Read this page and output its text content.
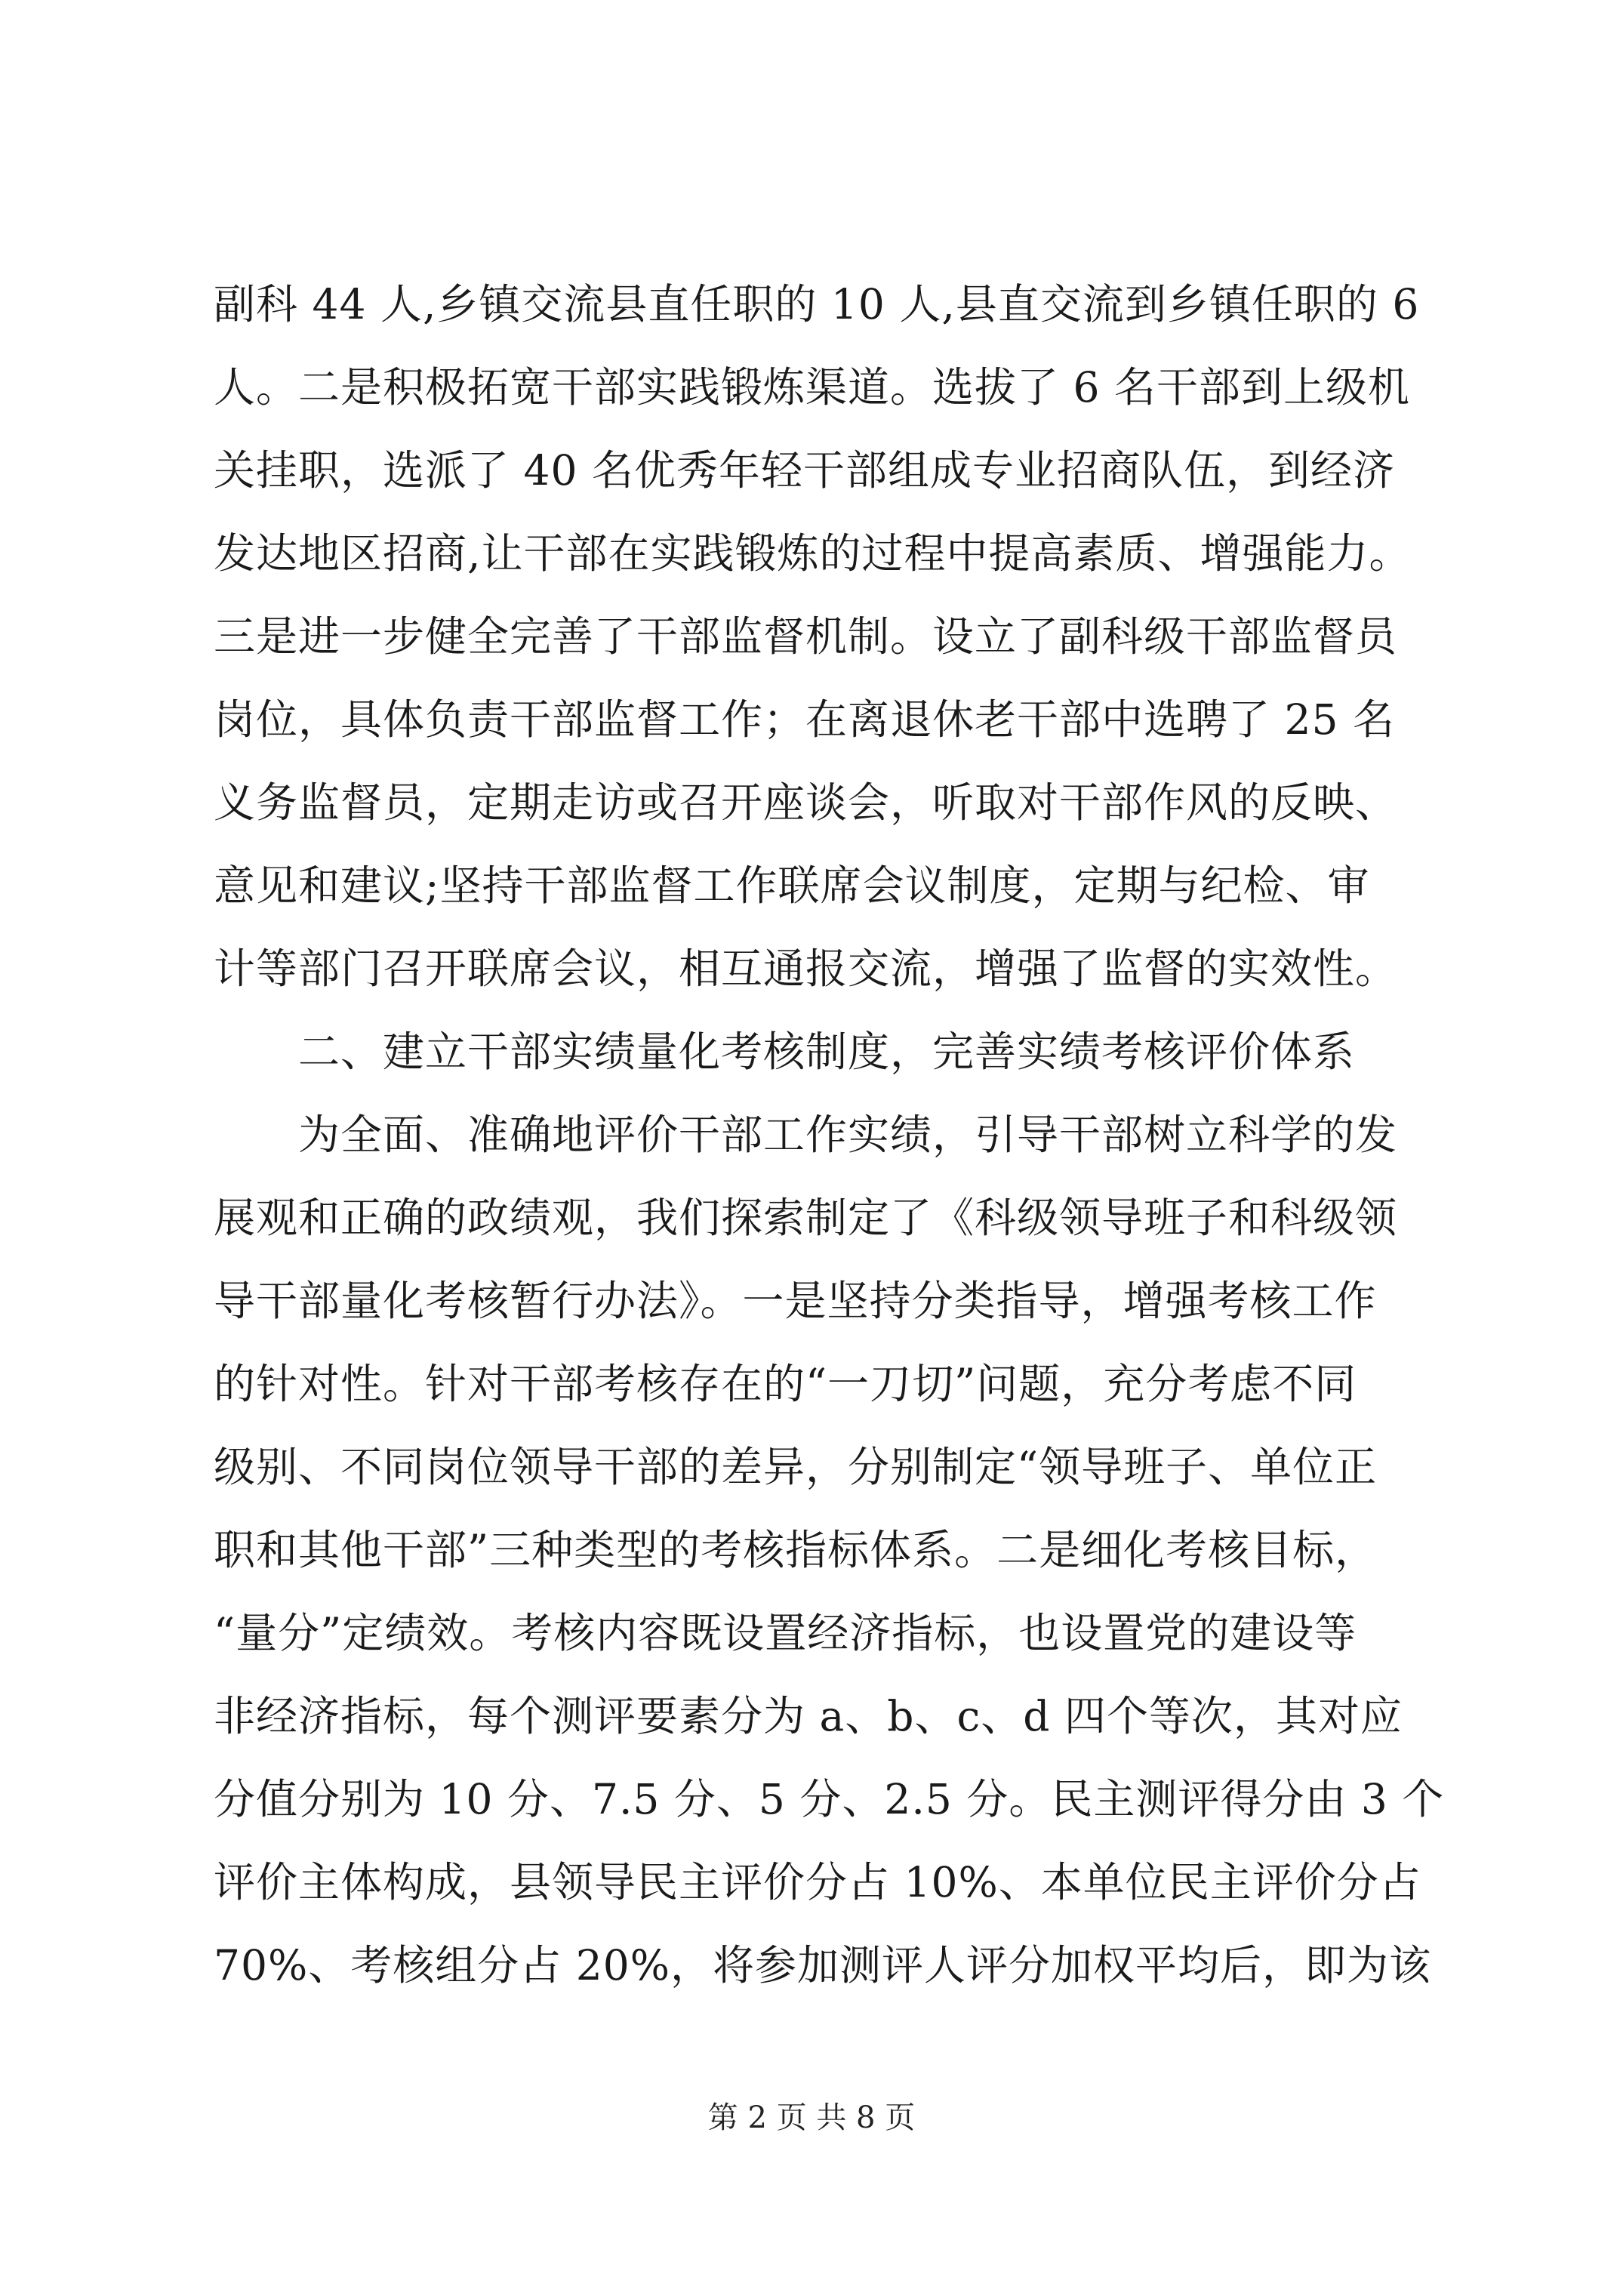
副科 44 人,乡镇交流县直任职的 10 人,县直交流到乡镇任职的 6
人。二是积极拓宽干部实践锻炼渠道。选拔了 6 名干部到上级机
关挂职，选派了 40 名优秀年轻干部组成专业招商队伍，到经济
发达地区招商,让干部在实践锻炼的过程中提高素质、增强能力。
三是进一步健全完善了干部监督机制。设立了副科级干部监督员
岗位，具体负责干部监督工作；在离退休老干部中选聘了 25 名
义务监督员，定期走访或召开座谈会，听取对干部作风的反映、
意见和建议;坚持干部监督工作联席会议制度，定期与纪检、审
计等部门召开联席会议，相互通报交流，增强了监督的实效性。
　　二、建立干部实绩量化考核制度，完善实绩考核评价体系
　　为全面、准确地评价干部工作实绩，引导干部树立科学的发
展观和正确的政绩观，我们探索制定了《科级领导班子和科级领
导干部量化考核暂行办法》。一是坚持分类指导，增强考核工作
的针对性。针对干部考核存在的“一刀切”问题，充分考虑不同
级别、不同岗位领导干部的差异，分别制定“领导班子、单位正
职和其他干部”三种类型的考核指标体系。二是细化考核目标，
“量分”定绩效。考核内容既设置经济指标，也设置党的建设等
非经济指标，每个测评要素分为 a、b、c、d 四个等次，其对应
分值分别为 10 分、7.5 分、5 分、2.5 分。民主测评得分由 3 个
评价主体构成，县领导民主评价分占 10%、本单位民主评价分占
70%、考核组分占 20%，将参加测评人评分加权平均后，即为该
第 2 页 共 8 页
